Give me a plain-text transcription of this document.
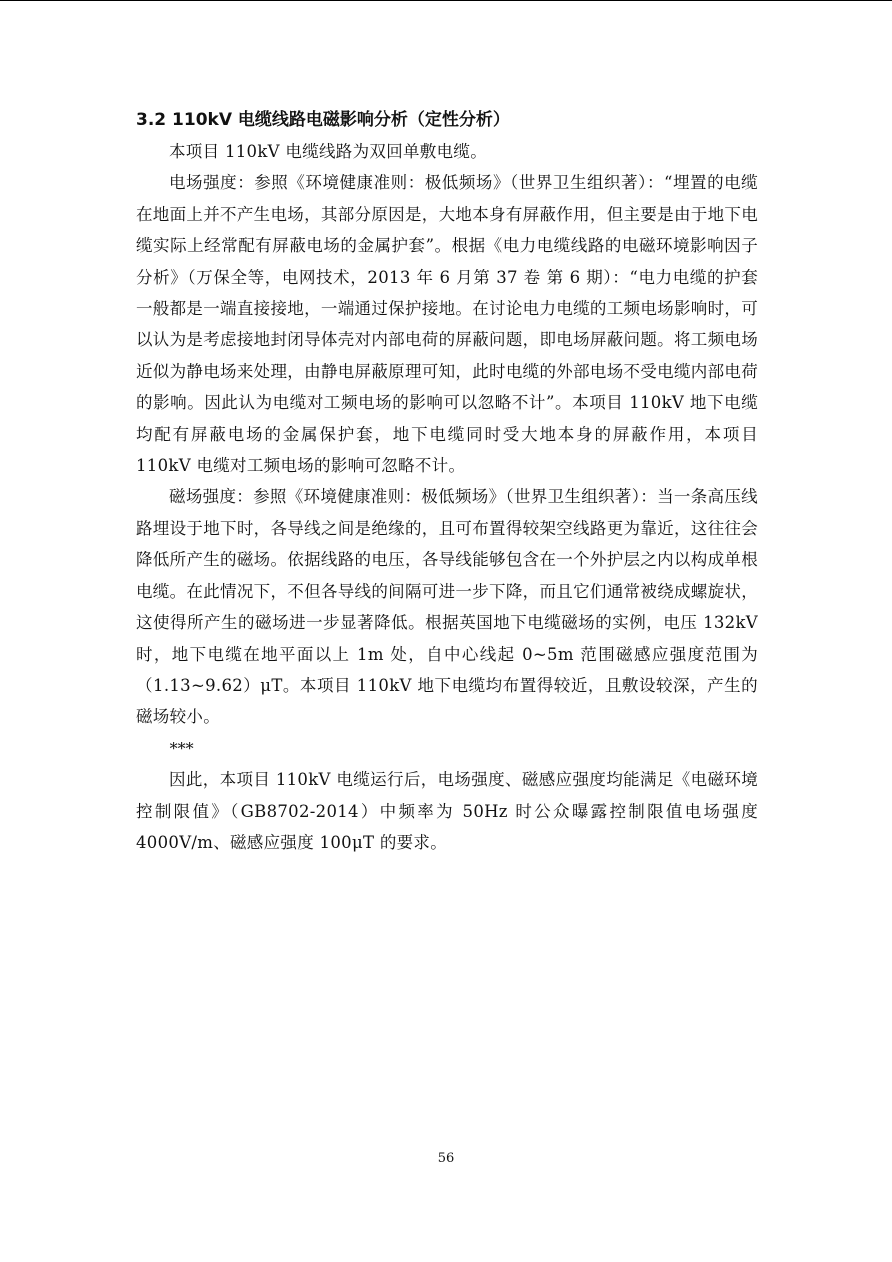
3.2 110kV 电缆线路电磁影响分析（定性分析）

本项目 110kV 电缆线路为双回单敷电缆。

电场强度：参照《环境健康准则：极低频场》（世界卫生组织著）：“埋置的电缆在地面上并不产生电场，其部分原因是，大地本身有屏蔽作用，但主要是由于地下电缆实际上经常配有屏蔽电场的金属护套”。根据《电力电缆线路的电磁环境影响因子分析》（万保全等，电网技术，2013 年 6 月第 37 卷 第 6 期）：“电力电缆的护套一般都是一端直接接地，一端通过保护接地。在讨论电力电缆的工频电场影响时，可以认为是考虑接地封闭导体壳对内部电荷的屏蔽问题，即电场屏蔽问题。将工频电场近似为静电场来处理，由静电屏蔽原理可知，此时电缆的外部电场不受电缆内部电荷的影响。因此认为电缆对工频电场的影响可以忽略不计”。本项目 110kV 地下电缆均配有屏蔽电场的金属保护套，地下电缆同时受大地本身的屏蔽作用，本项目 110kV 电缆对工频电场的影响可忽略不计。

磁场强度：参照《环境健康准则：极低频场》（世界卫生组织著）：当一条高压线路埋设于地下时，各导线之间是绝缘的，且可布置得较架空线路更为靠近，这往往会降低所产生的磁场。依据线路的电压，各导线能够包含在一个外护层之内以构成单根电缆。在此情况下，不但各导线的间隔可进一步下降，而且它们通常被绕成螺旋状，这使得所产生的磁场进一步显著降低。根据英国地下电缆磁场的实例，电压 132kV 时，地下电缆在地平面以上 1m 处，自中心线起 0~5m 范围磁感应强度范围为（1.13~9.62）μT。本项目 110kV 地下电缆均布置得较近，且敷设较深，产生的磁场较小。

***

因此，本项目 110kV 电缆运行后，电场强度、磁感应强度均能满足《电磁环境控制限值》（GB8702-2014）中频率为 50Hz 时公众曝露控制限值电场强度 4000V/m、磁感应强度 100μT 的要求。

56
